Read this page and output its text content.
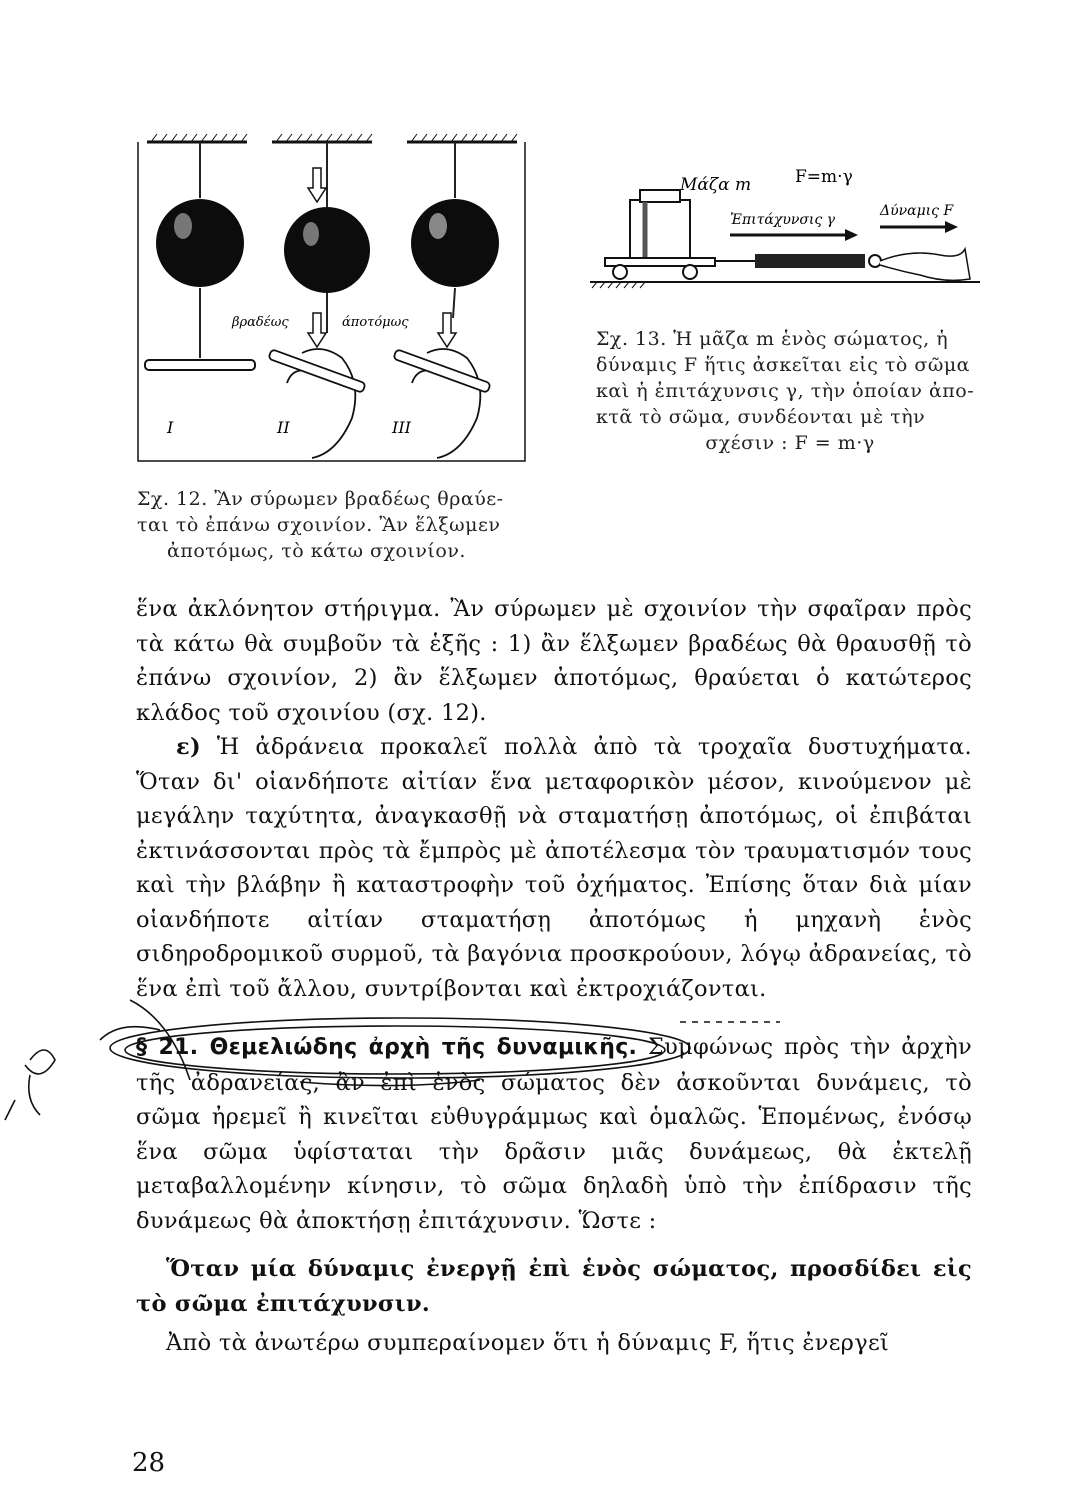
βραδέως	άποτόμως
I	II	III
Μάζα m	F=m·γ
Ἐπιτάχυνσις γ
Δύναμις F
Σχ. 12. Ἂν σύρωμεν βραδέως θραύε-
ται τὸ ἐπάνω σχοινίον. Ἂν ἕλξωμεν
ἀποτόμως, τὸ κάτω σχοινίον.
Σχ. 13. Ἡ μᾶζα m ἑνὸς σώματος, ἡ
δύναμις F ἥτις ἀσκεῖται εἰς τὸ σῶμα
καὶ ἡ ἐπιτάχυνσις γ, τὴν ὁποίαν ἀπο-
κτᾶ τὸ σῶμα, συνδέονται μὲ τὴν
σχέσιν : F = m·γ
ἕνα ἀκλόνητον στήριγμα. Ἂν σύρωμεν μὲ σχοινίον τὴν σφαῖραν πρὸς τὰ κάτω θὰ συμβοῦν τὰ ἑξῆς : 1) ἂν ἕλξωμεν βραδέως θὰ θραυσθῇ τὸ ἐπάνω σχοινίον, 2) ἂν ἕλξωμεν ἀποτόμως, θραύεται ὁ κατώτερος κλάδος τοῦ σχοινίου (σχ. 12).
ε) Ἡ ἀδράνεια προκαλεῖ πολλὰ ἀπὸ τὰ τροχαῖα δυστυχήματα. Ὅταν δι' οἱανδήποτε αἰτίαν ἕνα μεταφορικὸν μέσον, κινούμενον μὲ μεγάλην ταχύτητα, ἀναγκασθῇ νὰ σταματήσῃ ἀποτόμως, οἱ ἐπιβάται ἐκτινάσσονται πρὸς τὰ ἔμπρὸς μὲ ἀποτέλεσμα τὸν τραυματισμόν τους καὶ τὴν βλάβην ἢ καταστροφὴν τοῦ ὀχήματος. Ἐπίσης ὅταν διὰ μίαν οἱανδήποτε αἰτίαν σταματήσῃ ἀποτόμως ἡ μηχανὴ ἑνὸς σιδηροδρομικοῦ συρμοῦ, τὰ βαγόνια προσκρούουν, λόγῳ ἀδρανείας, τὸ ἕνα ἐπὶ τοῦ ἄλλου, συντρίβονται καὶ ἐκτροχιάζονται.
§ 21. Θεμελιώδης ἀρχὴ τῆς δυναμικῆς. Συμφώνως πρὸς τὴν ἀρχὴν τῆς ἀδρανείας, ἂν ἐπὶ ἑνὸς σώματος δὲν ἀσκοῦνται δυνάμεις, τὸ σῶμα ἠρεμεῖ ἢ κινεῖται εὐθυγράμμως καὶ ὁμαλῶς. Ἑπομένως, ἐνόσῳ ἕνα σῶμα ὑφίσταται τὴν δρᾶσιν μιᾶς δυνάμεως, θὰ ἐκτελῇ μεταβαλλομένην κίνησιν, τὸ σῶμα δηλαδὴ ὑπὸ τὴν ἐπίδρασιν τῆς δυνάμεως θὰ ἀποκτήσῃ ἐπιτάχυνσιν. Ὥστε :
Ὅταν μία δύναμις ἐνεργῇ ἐπὶ ἑνὸς σώματος, προσδίδει εἰς τὸ σῶμα ἐπιτάχυνσιν.
Ἀπὸ τὰ ἀνωτέρω συμπεραίνομεν ὅτι ἡ δύναμις F, ἥτις ἐνεργεῖ
28
